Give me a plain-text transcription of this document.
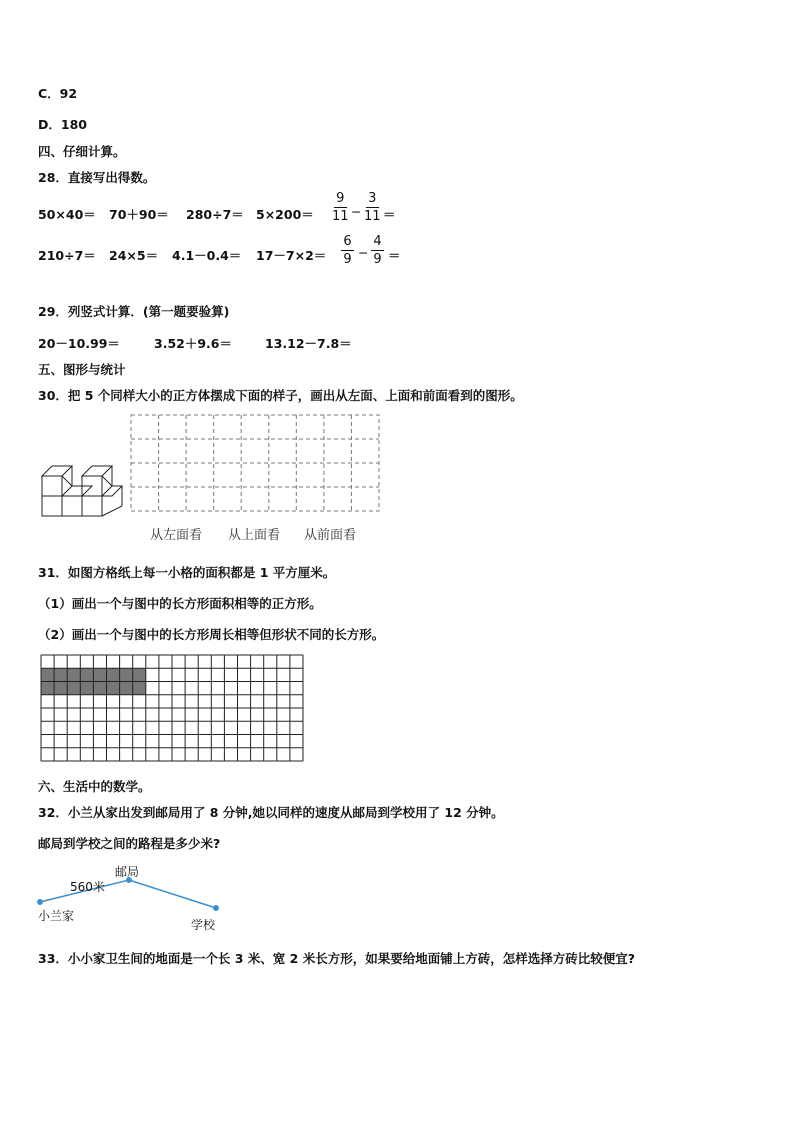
C．92
D．180
四、仔细计算。
28．直接写出得数。
50×40＝ 70＋90＝ 280÷7＝ 5×200＝
9
11 −
3
11 ＝
210÷7＝ 24×5＝ 4.1－0.4＝ 17－7×2＝
6
9 −
4
9 ＝
29．列竖式计算．(第一题要验算)
20－10.99＝	3.52＋9.6＝	13.12－7.8＝
五、图形与统计
30．把 5 个同样大小的正方体摆成下面的样子，画出从左面、上面和前面看到的图形。
从左面看 从上面看 从前面看
31．如图方格纸上每一小格的面积都是 1 平方厘米。
（1）画出一个与图中的长方形面积相等的正方形。
（2）画出一个与图中的长方形周长相等但形状不同的长方形。
六、生活中的数学。
32．小兰从家出发到邮局用了 8 分钟,她以同样的速度从邮局到学校用了 12 分钟。
邮局到学校之间的路程是多少米?
邮局
560米
小兰家
学校
33．小小家卫生间的地面是一个长 3 米、宽 2 米长方形，如果要给地面铺上方砖，怎样选择方砖比较便宜?
